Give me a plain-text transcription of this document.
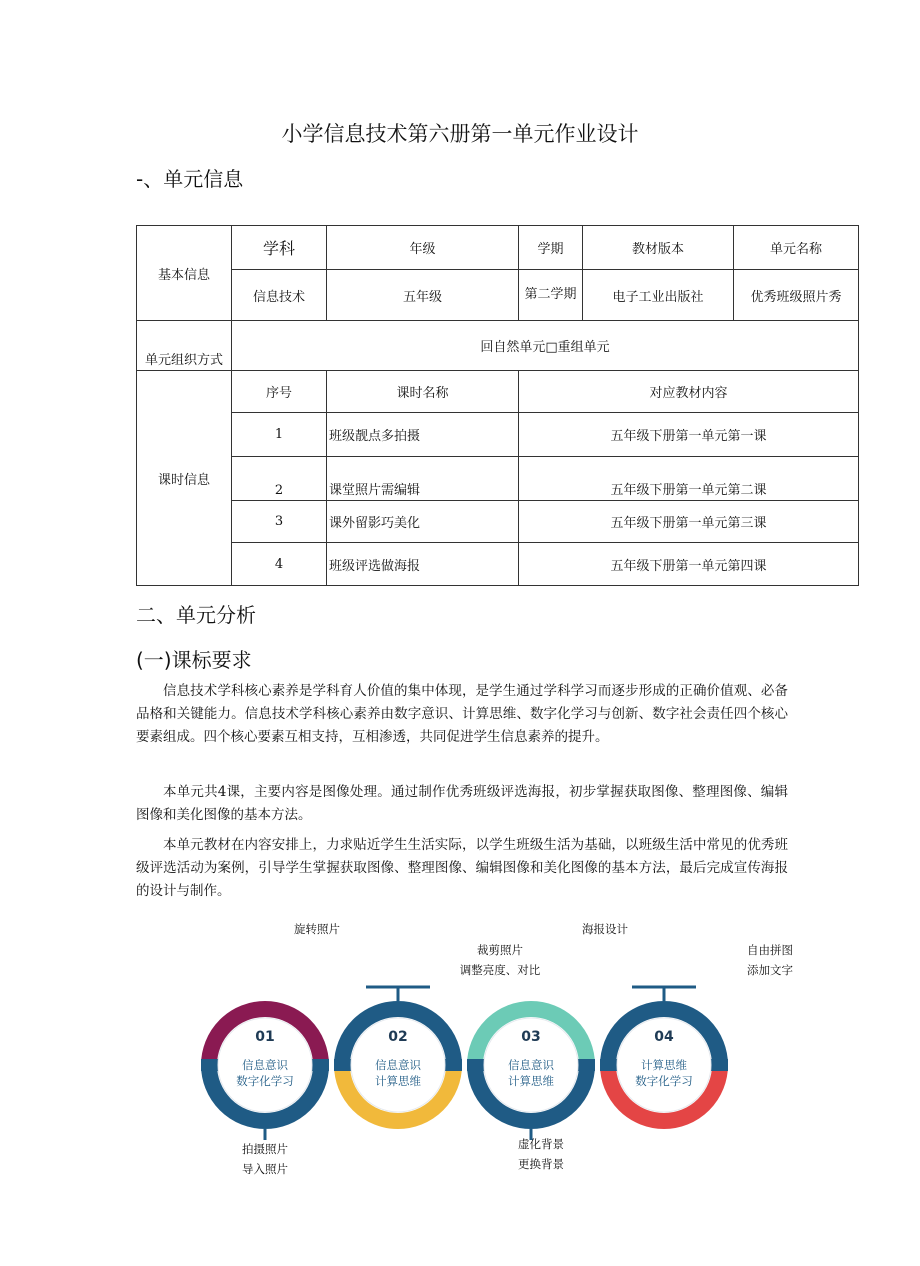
小学信息技术第六册第一单元作业设计
-、单元信息
基本信息	学科	年级	学期	教材版本	单元名称
	信息技术	五年级	第二学期	电子工业出版社	优秀班级照片秀
单元组织方式	回自然单元□重组单元				
课时信息	序号	课时名称	对应教材内容		
	1	班级靓点多拍摄	五年级下册第一单元第一课		
	2	课堂照片需编辑	五年级下册第一单元第二课		
	3	课外留影巧美化	五年级下册第一单元第三课		
	4	班级评选做海报	五年级下册第一单元第四课		
二、单元分析
(一)课标要求

信息技术学科核心素养是学科育人价值的集中体现，是学生通过学科学习而逐步形成的正确价值观、必备品格和关键能力。信息技术学科核心素养由数字意识、计算思维、数字化学习与创新、数字社会责任四个核心要素组成。四个核心要素互相支持，互相渗透，共同促进学生信息素养的提升。

本单元共4课，主要内容是图像处理。通过制作优秀班级评选海报，初步掌握获取图像、整理图像、编辑图像和美化图像的基本方法。

本单元教材在内容安排上，力求贴近学生生活实际，以学生班级生活为基础，以班级生活中常见的优秀班级评选活动为案例，引导学生掌握获取图像、整理图像、编辑图像和美化图像的基本方法，最后完成宣传海报的设计与制作。

旋转照片
裁剪照片
调整亮度、对比
海报设计
自由拼图
添加文字
拍摄照片
导入照片
虚化背景
更换背景
01
信息意识
数字化学习
02
信息意识
计算思维
03
信息意识
计算思维
04
计算思维
数字化学习
